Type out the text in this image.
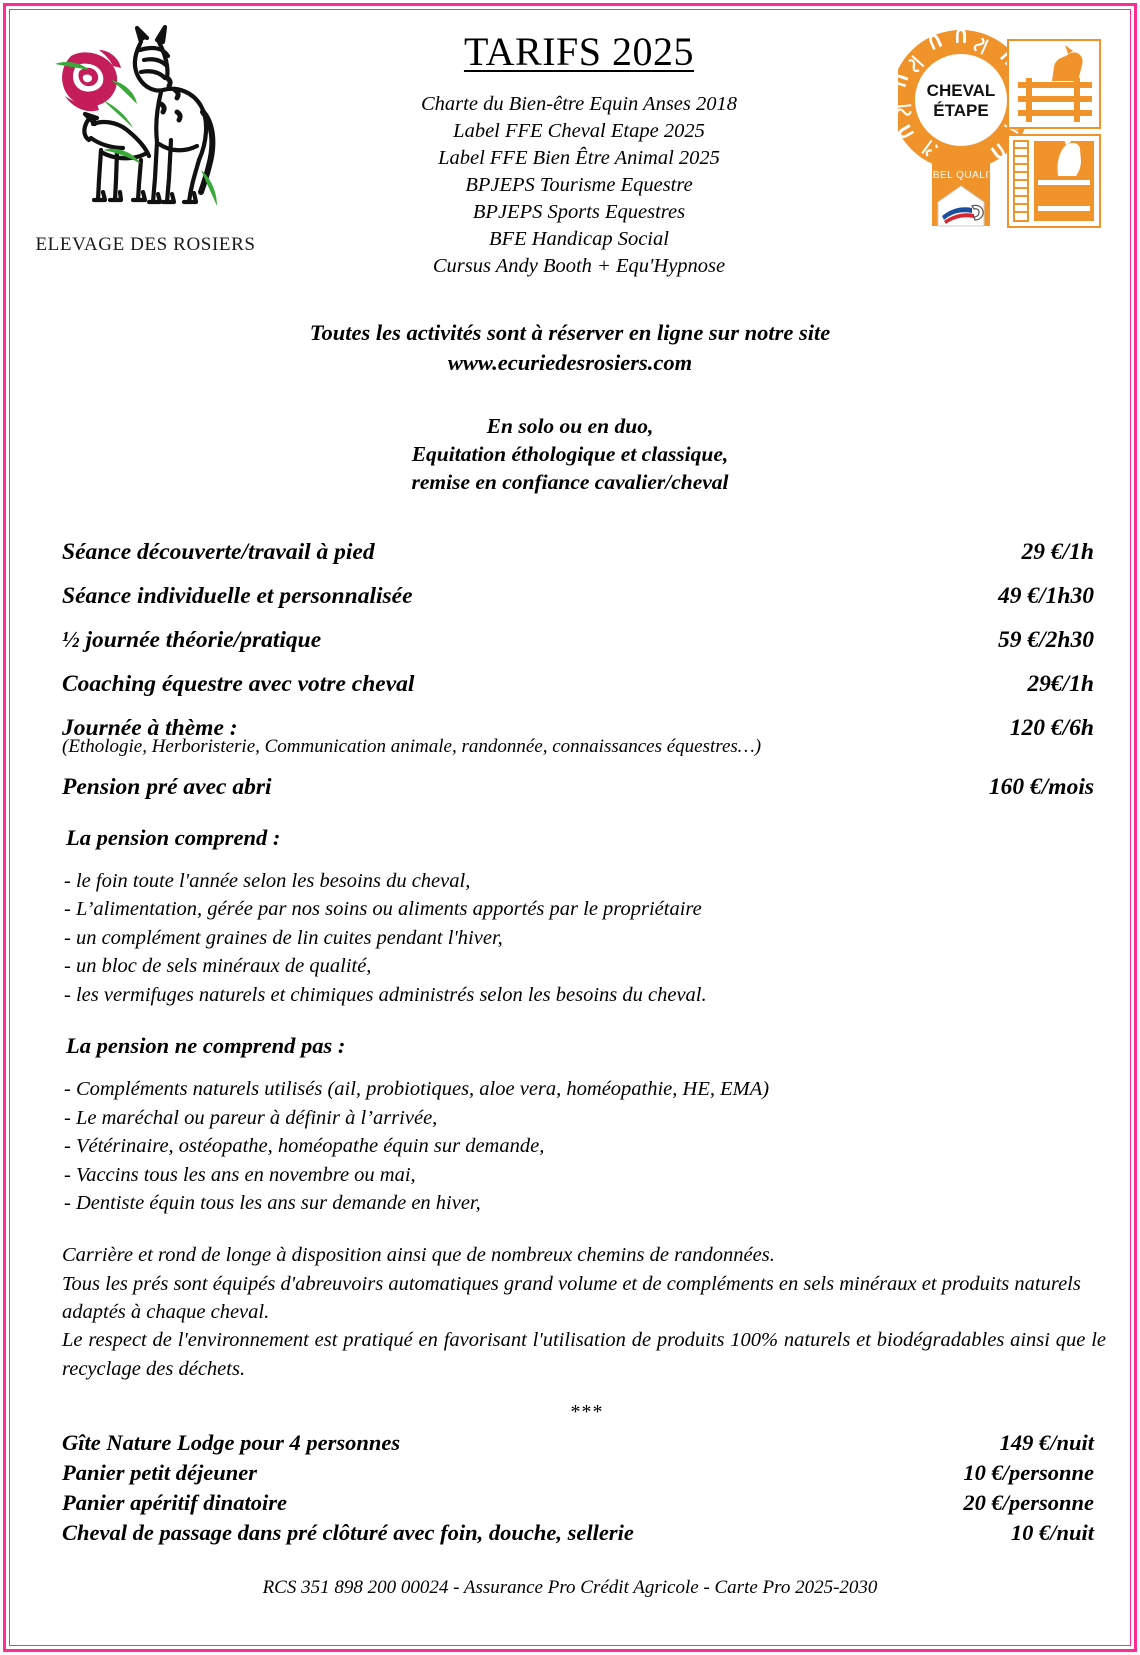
ELEVAGE DES ROSIERS
TARIFS 2025
Charte du Bien-être Equin Anses 2018
Label FFE Cheval Etape 2025
Label FFE Bien Être Animal 2025
BPJEPS Tourisme Equestre
BPJEPS Sports Equestres
BFE Handicap Social
Cursus Andy Booth + Equ'Hypnose
CHEVAL
ÉTAPE
LABEL QUALITÉ
Toutes les activités sont à réserver en ligne sur notre site
www.ecuriedesrosiers.com
En solo ou en duo,
Equitation éthologique et classique,
remise en confiance cavalier/cheval
Séance découverte/travail à pied	29 €/1h
Séance individuelle et personnalisée	49 €/1h30
½ journée théorie/pratique	59 €/2h30
Coaching équestre avec votre cheval	29€/1h
Journée à thème :	120 €/6h
(Ethologie, Herboristerie, Communication animale, randonnée, connaissances équestres…)
Pension pré avec abri	160 €/mois
La pension comprend :
- le foin toute l'année selon les besoins du cheval,
- L’alimentation, gérée par nos soins ou aliments apportés par le propriétaire
- un complément graines de lin cuites pendant l'hiver,
- un bloc de sels minéraux de qualité,
- les vermifuges naturels et chimiques administrés selon les besoins du cheval.
La pension ne comprend pas :
- Compléments naturels utilisés (ail, probiotiques, aloe vera, homéopathie, HE, EMA)
- Le maréchal ou pareur à définir à l’arrivée,
- Vétérinaire, ostéopathe, homéopathe équin sur demande,
- Vaccins tous les ans en novembre ou mai,
- Dentiste équin tous les ans sur demande en hiver,
Carrière et rond de longe à disposition ainsi que de nombreux chemins de randonnées.
Tous les prés sont équipés d'abreuvoirs automatiques grand volume et de compléments en sels minéraux et produits naturels adaptés à chaque cheval.
Le respect de l'environnement est pratiqué en favorisant l'utilisation de produits 100% naturels et biodégradables ainsi que le recyclage des déchets.
***
Gîte Nature Lodge pour 4 personnes	149 €/nuit
Panier petit déjeuner	10 €/personne
Panier apéritif dinatoire	20 €/personne
Cheval de passage dans pré clôturé avec foin, douche, sellerie	10 €/nuit
RCS 351 898 200 00024 - Assurance Pro Crédit Agricole - Carte Pro 2025-2030
